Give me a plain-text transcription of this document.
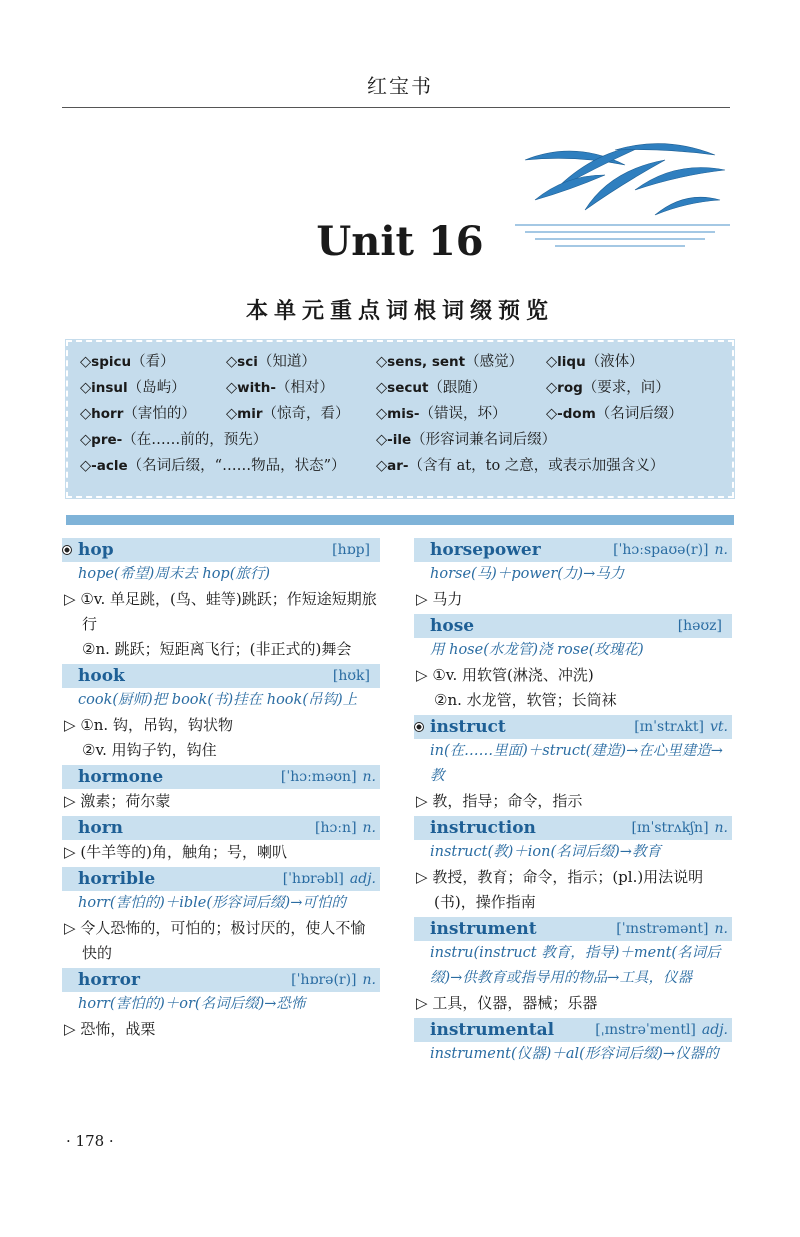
红宝书
Unit 16
本单元重点词根词缀预览
◇spicu（看）	◇sci（知道）	◇sens, sent（感觉）	◇liqu（液体）
◇insul（岛屿）	◇with-（相对）	◇secut（跟随）	◇rog（要求，问）
◇horr（害怕的）	◇mir（惊奇，看）	◇mis-（错误，坏）	◇-dom（名词后缀）
◇pre-（在……前的，预先）	◇-ile（形容词兼名词后缀）
◇-acle（名词后缀，“……物品，状态”）	◇ar-（含有 at，to 之意，或表示加强含义）
hop	[hɒp]
hope(希望)周末去 hop(旅行)
▷ ①v. 单足跳，(鸟、蛙等)跳跃；作短途短期旅行
②n. 跳跃；短距离飞行；(非正式的)舞会
hook	[hʊk]
cook(厨师)把 book(书)挂在 hook(吊钩)上
▷ ①n. 钩，吊钩，钩状物
②v. 用钩子钓，钩住
hormone	[ˈhɔːməʊn] n.
▷ 激素；荷尔蒙
horn	[hɔːn] n.
▷ (牛羊等的)角，触角；号，喇叭
horrible	[ˈhɒrəbl] adj.
horr(害怕的)＋ible(形容词后缀)→可怕的
▷ 令人恐怖的，可怕的；极讨厌的，使人不愉快的
horror	[ˈhɒrə(r)] n.
horr(害怕的)＋or(名词后缀)→恐怖
▷ 恐怖，战栗
horsepower	[ˈhɔːspaʊə(r)] n.
horse(马)＋power(力)→马力
▷ 马力
hose	[həʊz]
用 hose(水龙管)浇 rose(玫瑰花)
▷ ①v. 用软管(淋浇、冲洗)
②n. 水龙管，软管；长筒袜
instruct	[ɪnˈstrʌkt] vt.
in(在……里面)＋struct(建造)→在心里建造→教
▷ 教，指导；命令，指示
instruction	[ɪnˈstrʌkʃn] n.
instruct(教)＋ion(名词后缀)→教育
▷ 教授，教育；命令，指示；(pl.)用法说明(书)，操作指南
instrument	[ˈɪnstrəmənt] n.
instru(instruct 教育，指导)＋ment(名词后缀)→供教育或指导用的物品→工具，仪器
▷ 工具，仪器，器械；乐器
instrumental	[ˌɪnstrəˈmentl] adj.
instrument(仪器)＋al(形容词后缀)→仪器的
· 178 ·
